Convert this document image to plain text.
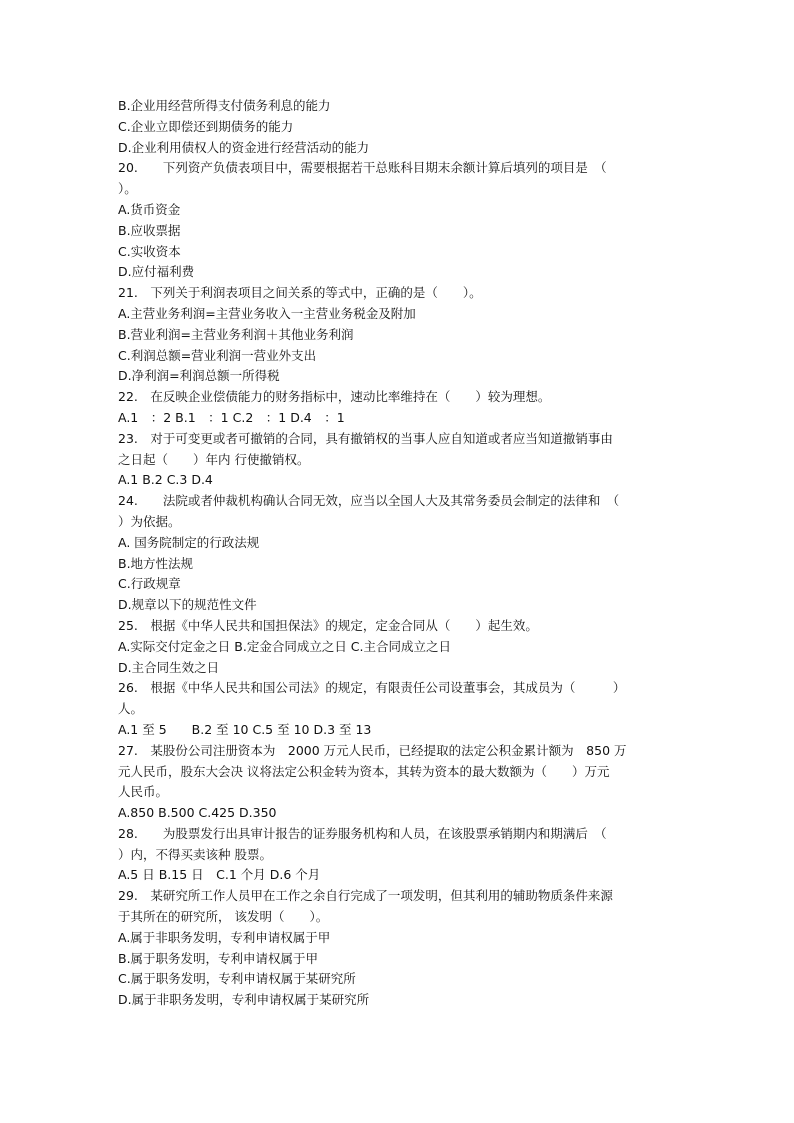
B.企业用经营所得支付债务利息的能力
C.企业立即偿还到期债务的能力
D.企业利用债权人的资金进行经营活动的能力
20.　　下列资产负债表项目中，需要根据若干总账科目期末余额计算后填列的项目是　（
）。
A.货币资金
B.应收票据
C.实收资本
D.应付福利费
21.　下列关于利润表项目之间关系的等式中，正确的是（　　）。
A.主营业务利润=主营业务收入一主营业务税金及附加
B.营业利润=主营业务利润＋其他业务利润
C.利润总额=营业利润一营业外支出
D.净利润=利润总额一所得税
22.　在反映企业偿债能力的财务指标中，速动比率维持在（　　）较为理想。
A.1　：2 B.1　：1 C.2　：1 D.4　：1
23.　对于可变更或者可撤销的合同，具有撤销权的当事人应自知道或者应当知道撤销事由
之日起（　　）年内 行使撤销权。
A.1 B.2 C.3 D.4
24.　　法院或者仲裁机构确认合同无效，应当以全国人大及其常务委员会制定的法律和　（
）为依据。
A. 国务院制定的行政法规
B.地方性法规
C.行政规章
D.规章以下的规范性文件
25.　根据《中华人民共和国担保法》的规定，定金合同从（　　）起生效。
A.实际交付定金之日 B.定金合同成立之日 C.主合同成立之日
D.主合同生效之日
26.　根据《中华人民共和国公司法》的规定，有限责任公司设董事会，其成员为（　　　）
人。
A.1 至 5　　B.2 至 10 C.5 至 10 D.3 至 13
27.　某股份公司注册资本为　2000 万元人民币，已经提取的法定公积金累计额为　850 万
元人民币，股东大会决 议将法定公积金转为资本，其转为资本的最大数额为（　　）万元
人民币。
A.850 B.500 C.425 D.350
28.　　为股票发行出具审计报告的证券服务机构和人员，在该股票承销期内和期满后　（
）内，不得买卖该种 股票。
A.5 日 B.15 日　C.1 个月 D.6 个月
29.　某研究所工作人员甲在工作之余自行完成了一项发明，但其利用的辅助物质条件来源
于其所在的研究所， 该发明（　　）。
A.属于非职务发明，专利申请权属于甲
B.属于职务发明，专利申请权属于甲
C.属于职务发明，专利申请权属于某研究所
D.属于非职务发明，专利申请权属于某研究所
